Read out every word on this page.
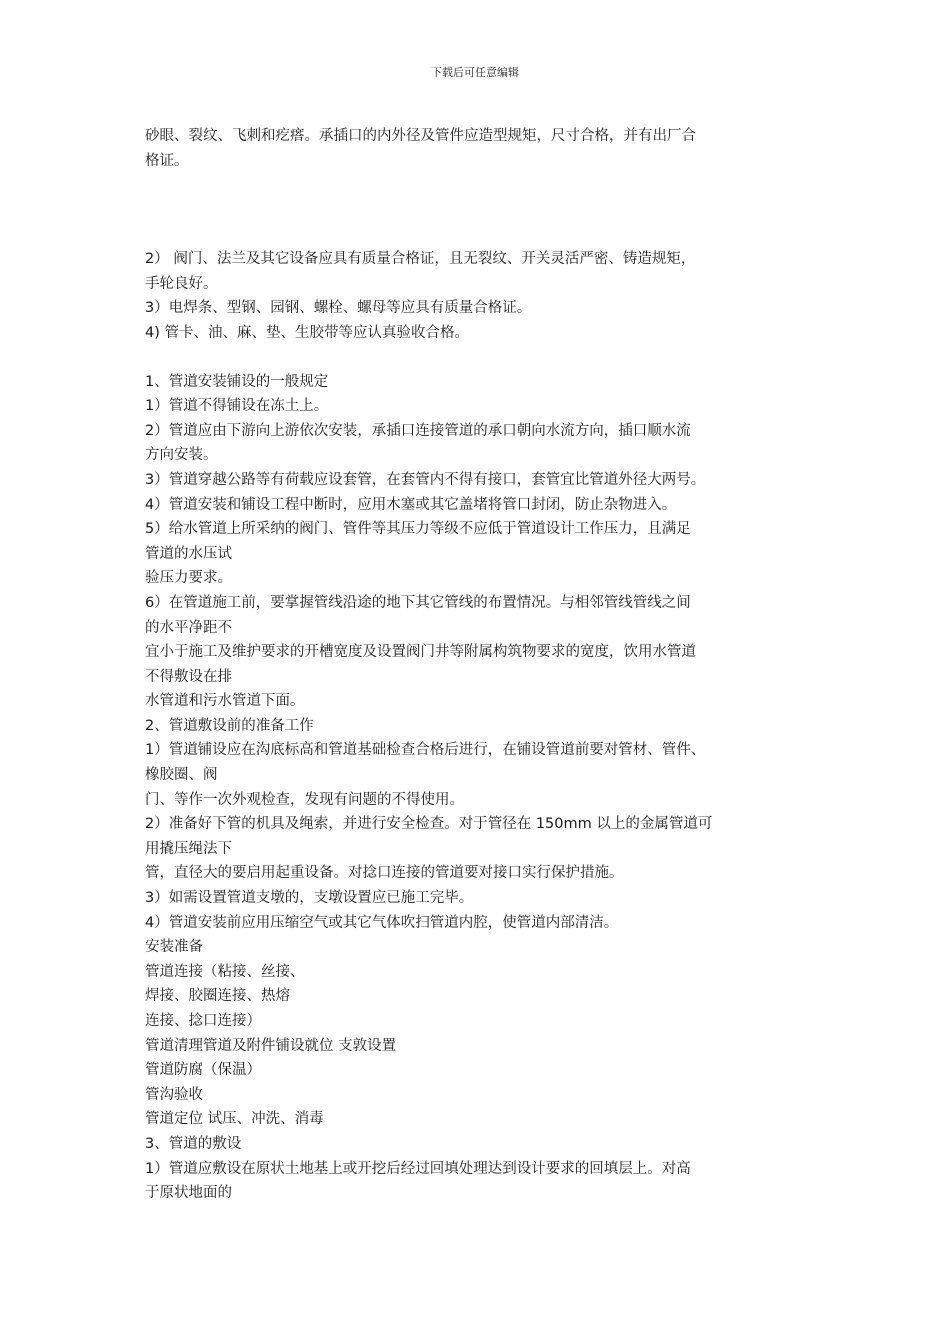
下载后可任意编辑

砂眼、裂纹、飞刺和疙瘩。承插口的内外径及管件应造型规矩，尺寸合格，并有出厂合

格证。

2） 阀门、法兰及其它设备应具有质量合格证，且无裂纹、开关灵活严密、铸造规矩，

手轮良好。

3）电焊条、型钢、园钢、螺栓、螺母等应具有质量合格证。

4) 管卡、油、麻、垫、生胶带等应认真验收合格。

1、管道安装铺设的一般规定

1）管道不得铺设在冻土上。

2）管道应由下游向上游依次安装，承插口连接管道的承口朝向水流方向，插口顺水流

方向安装。

3）管道穿越公路等有荷载应设套管，在套管内不得有接口，套管宜比管道外径大两号。

4）管道安装和铺设工程中断时，应用木塞或其它盖堵将管口封闭，防止杂物进入。

5）给水管道上所采纳的阀门、管件等其压力等级不应低于管道设计工作压力，且满足

管道的水压试

验压力要求。

6）在管道施工前，要掌握管线沿途的地下其它管线的布置情况。与相邻管线管线之间

的水平净距不

宜小于施工及维护要求的开槽宽度及设置阀门井等附属构筑物要求的宽度，饮用水管道

不得敷设在排

水管道和污水管道下面。

2、管道敷设前的准备工作

1）管道铺设应在沟底标高和管道基础检查合格后进行，在铺设管道前要对管材、管件、

橡胶圈、阀

门、等作一次外观检查，发现有问题的不得使用。

2）准备好下管的机具及绳索，并进行安全检查。对于管径在 150mm 以上的金属管道可

用撬压绳法下

管，直径大的要启用起重设备。对捻口连接的管道要对接口实行保护措施。

3）如需设置管道支墩的，支墩设置应已施工完毕。

4）管道安装前应用压缩空气或其它气体吹扫管道内腔，使管道内部清洁。

安装准备

管道连接（粘接、丝接、

焊接、胶圈连接、热熔

连接、捻口连接）

管道清理管道及附件铺设就位 支敦设置

管道防腐（保温）

管沟验收

管道定位 试压、冲洗、消毒

3、管道的敷设

1）管道应敷设在原状土地基上或开挖后经过回填处理达到设计要求的回填层上。对高

于原状地面的
